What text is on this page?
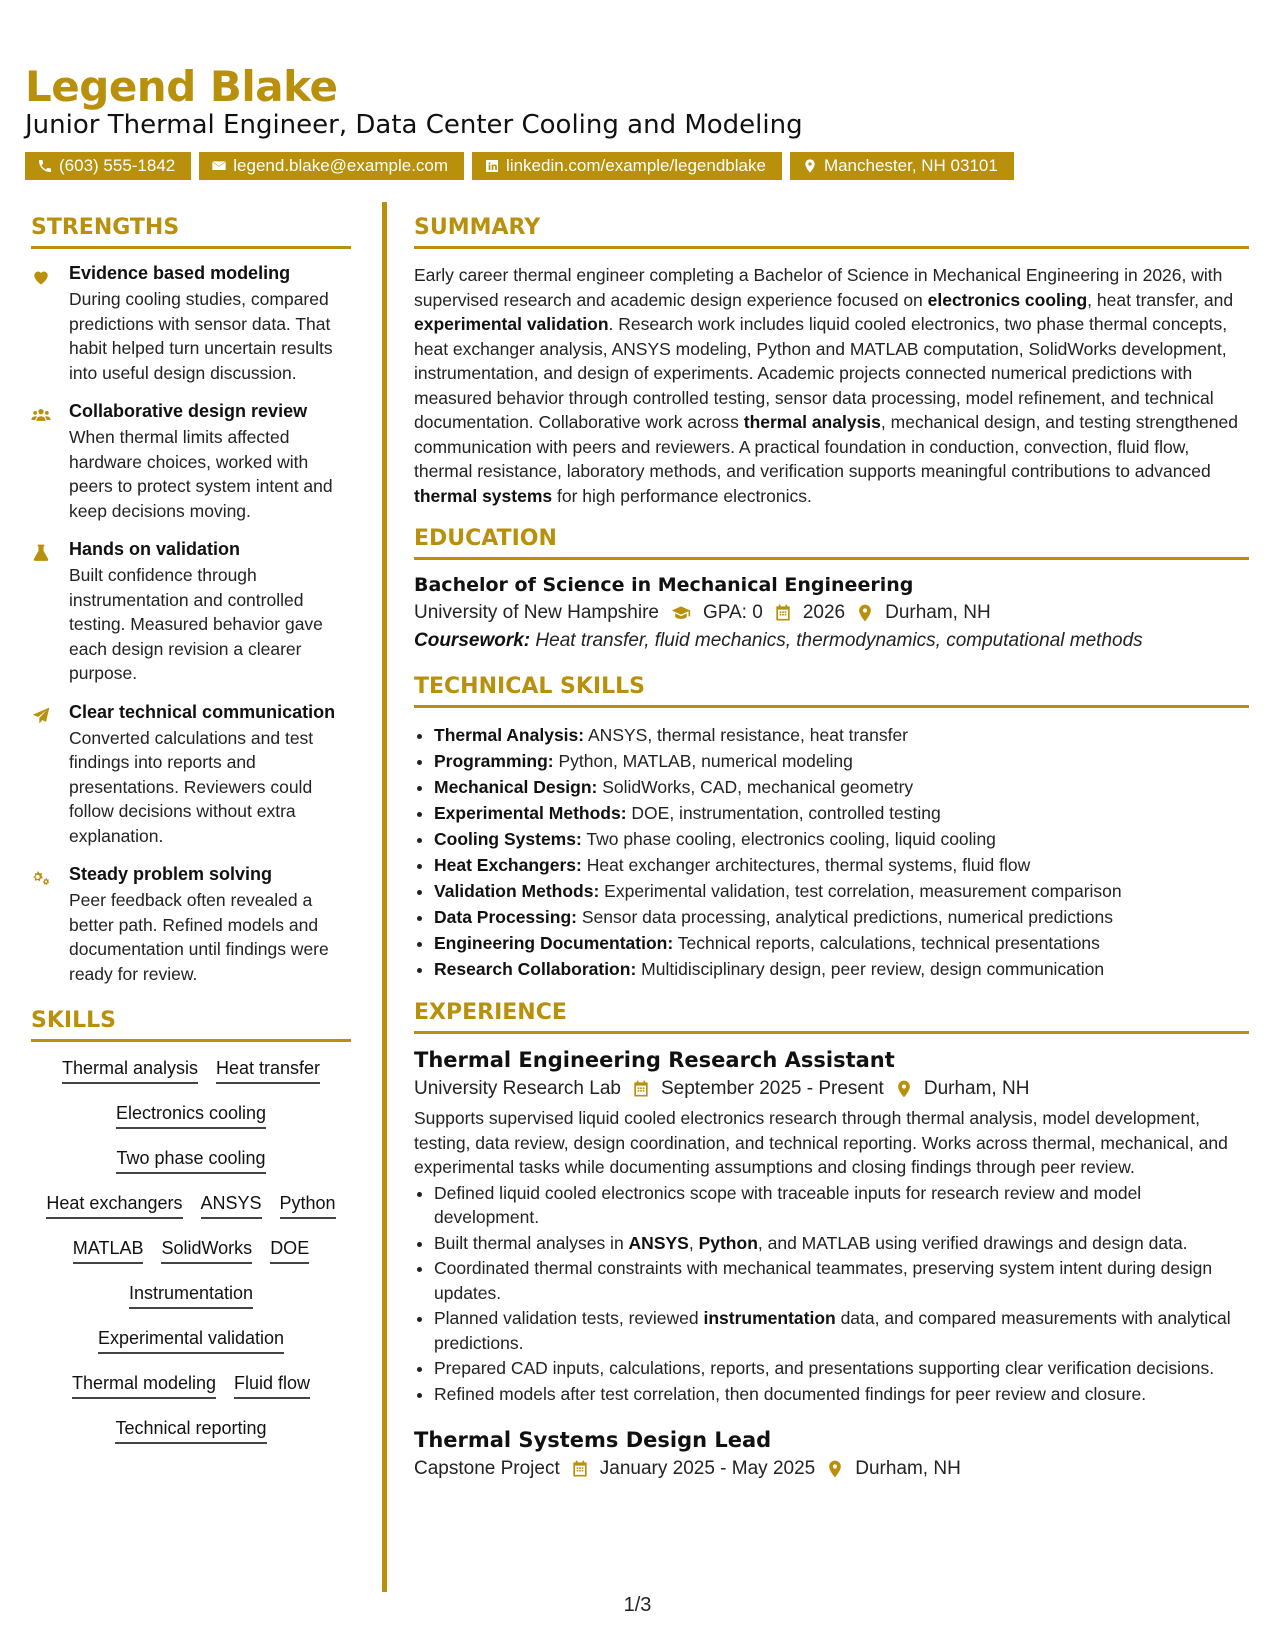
Legend Blake
Junior Thermal Engineer, Data Center Cooling and Modeling
(603) 555-1842	legend.blake@example.com	linkedin.com/example/legendblake	Manchester, NH 03101
STRENGTHS
Evidence based modeling
During cooling studies, compared predictions with sensor data. That habit helped turn uncertain results into useful design discussion.
Collaborative design review
When thermal limits affected hardware choices, worked with peers to protect system intent and keep decisions moving.
Hands on validation
Built confidence through instrumentation and controlled testing. Measured behavior gave each design revision a clearer purpose.
Clear technical communication
Converted calculations and test findings into reports and presentations. Reviewers could follow decisions without extra explanation.
Steady problem solving
Peer feedback often revealed a better path. Refined models and documentation until findings were ready for review.
SKILLS
Thermal analysis Heat transfer
Electronics cooling
Two phase cooling
Heat exchangers ANSYS Python
MATLAB SolidWorks DOE
Instrumentation
Experimental validation
Thermal modeling Fluid flow
Technical reporting
SUMMARY
Early career thermal engineer completing a Bachelor of Science in Mechanical Engineering in 2026, with supervised research and academic design experience focused on electronics cooling, heat transfer, and experimental validation. Research work includes liquid cooled electronics, two phase thermal concepts, heat exchanger analysis, ANSYS modeling, Python and MATLAB computation, SolidWorks development, instrumentation, and design of experiments. Academic projects connected numerical predictions with measured behavior through controlled testing, sensor data processing, model refinement, and technical documentation. Collaborative work across thermal analysis, mechanical design, and testing strengthened communication with peers and reviewers. A practical foundation in conduction, convection, fluid flow, thermal resistance, laboratory methods, and verification supports meaningful contributions to advanced thermal systems for high performance electronics.
EDUCATION
Bachelor of Science in Mechanical Engineering
University of New Hampshire GPA: 0 2026 Durham, NH
Coursework: Heat transfer, fluid mechanics, thermodynamics, computational methods
TECHNICAL SKILLS
• Thermal Analysis: ANSYS, thermal resistance, heat transfer
• Programming: Python, MATLAB, numerical modeling
• Mechanical Design: SolidWorks, CAD, mechanical geometry
• Experimental Methods: DOE, instrumentation, controlled testing
• Cooling Systems: Two phase cooling, electronics cooling, liquid cooling
• Heat Exchangers: Heat exchanger architectures, thermal systems, fluid flow
• Validation Methods: Experimental validation, test correlation, measurement comparison
• Data Processing: Sensor data processing, analytical predictions, numerical predictions
• Engineering Documentation: Technical reports, calculations, technical presentations
• Research Collaboration: Multidisciplinary design, peer review, design communication
EXPERIENCE
Thermal Engineering Research Assistant
University Research Lab September 2025 - Present Durham, NH
Supports supervised liquid cooled electronics research through thermal analysis, model development, testing, data review, design coordination, and technical reporting. Works across thermal, mechanical, and experimental tasks while documenting assumptions and closing findings through peer review.
• Defined liquid cooled electronics scope with traceable inputs for research review and model development.
• Built thermal analyses in ANSYS, Python, and MATLAB using verified drawings and design data.
• Coordinated thermal constraints with mechanical teammates, preserving system intent during design updates.
• Planned validation tests, reviewed instrumentation data, and compared measurements with analytical predictions.
• Prepared CAD inputs, calculations, reports, and presentations supporting clear verification decisions.
• Refined models after test correlation, then documented findings for peer review and closure.
Thermal Systems Design Lead
Capstone Project January 2025 - May 2025 Durham, NH
1/3
